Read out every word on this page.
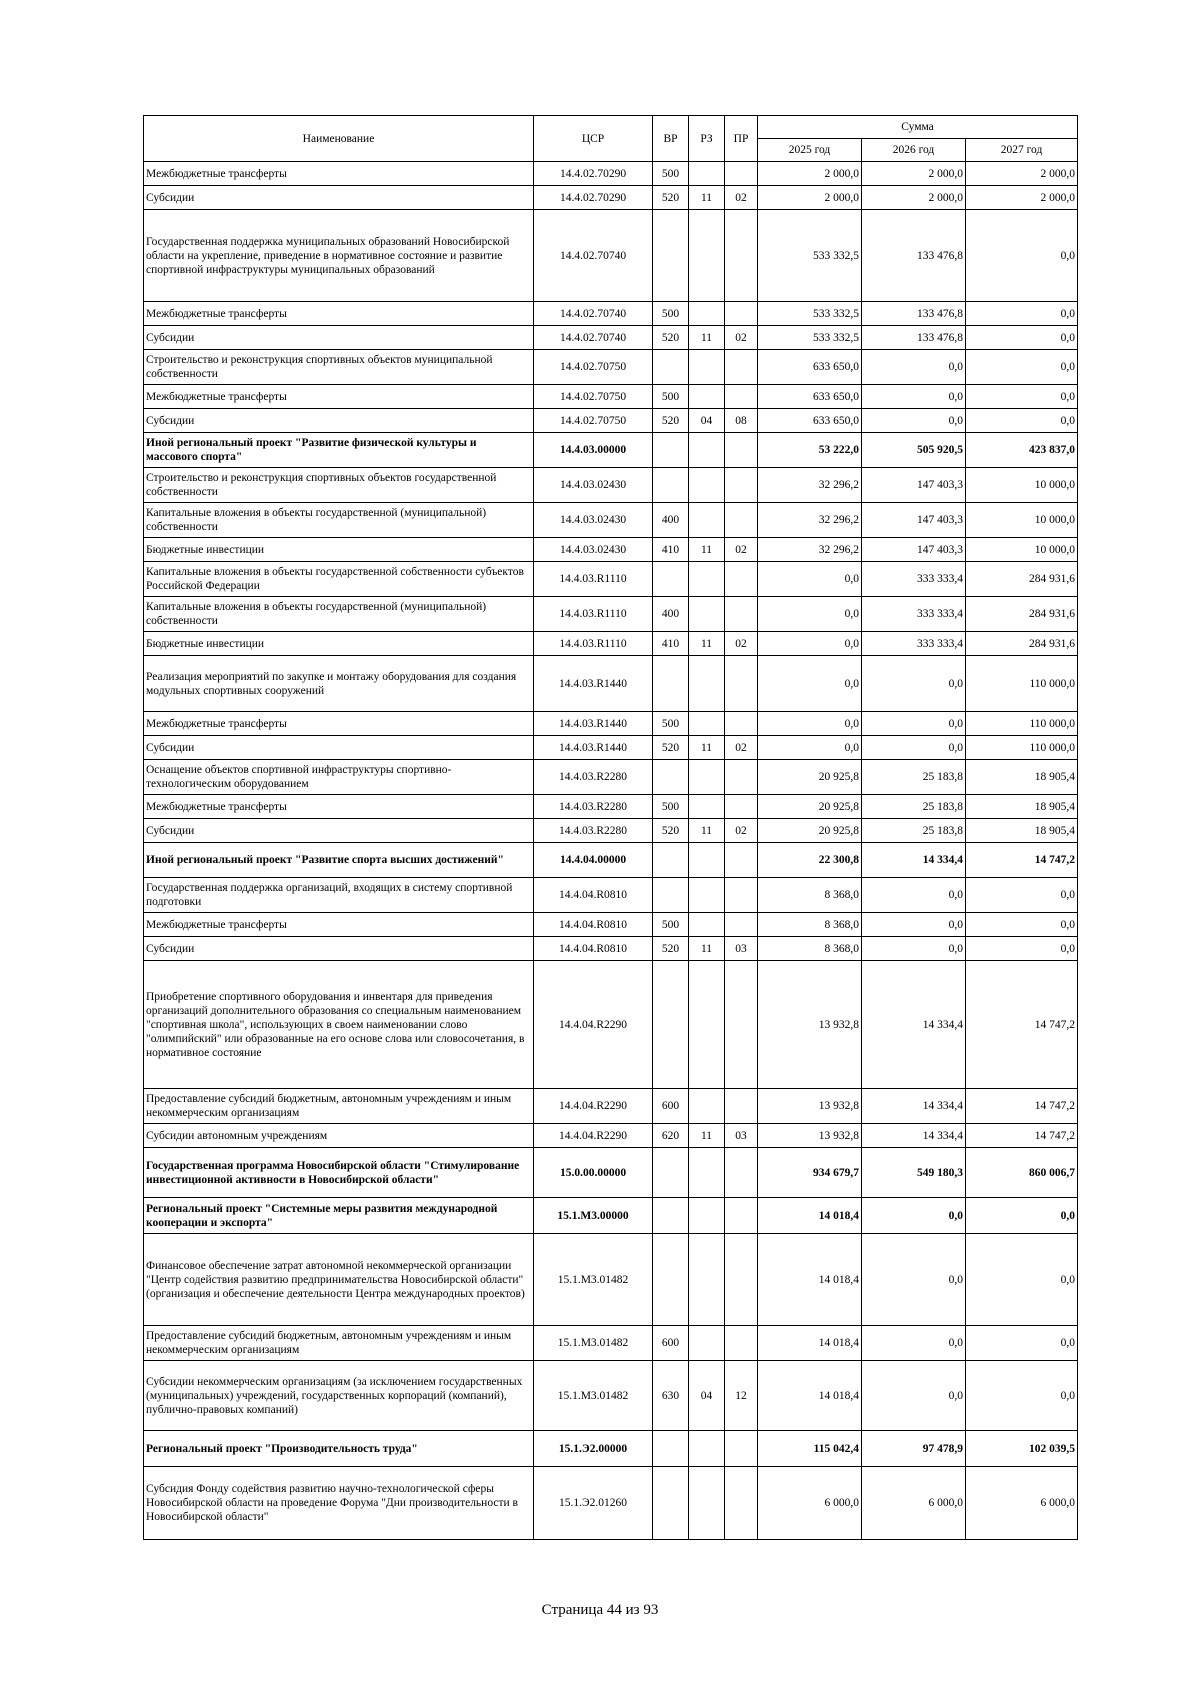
Наименование	ЦСР	ВР	РЗ	ПР	Сумма		
					2025 год	2026 год	2027 год
Межбюджетные трансферты	14.4.02.70290	500			2 000,0	2 000,0	2 000,0
Субсидии	14.4.02.70290	520	11	02	2 000,0	2 000,0	2 000,0
Государственная поддержка муниципальных образований Новосибирской области на укрепление, приведение в нормативное состояние и развитие спортивной инфраструктуры муниципальных образований	14.4.02.70740				533 332,5	133 476,8	0,0
Межбюджетные трансферты	14.4.02.70740	500			533 332,5	133 476,8	0,0
Субсидии	14.4.02.70740	520	11	02	533 332,5	133 476,8	0,0
Строительство и реконструкция спортивных объектов муниципальной собственности	14.4.02.70750				633 650,0	0,0	0,0
Межбюджетные трансферты	14.4.02.70750	500			633 650,0	0,0	0,0
Субсидии	14.4.02.70750	520	04	08	633 650,0	0,0	0,0
Иной региональный проект "Развитие физической культуры и массового спорта"	14.4.03.00000				53 222,0	505 920,5	423 837,0
Строительство и реконструкция спортивных объектов государственной собственности	14.4.03.02430				32 296,2	147 403,3	10 000,0
Капитальные вложения в объекты государственной (муниципальной) собственности	14.4.03.02430	400			32 296,2	147 403,3	10 000,0
Бюджетные инвестиции	14.4.03.02430	410	11	02	32 296,2	147 403,3	10 000,0
Капитальные вложения в объекты государственной собственности субъектов Российской Федерации	14.4.03.R1110				0,0	333 333,4	284 931,6
Капитальные вложения в объекты государственной (муниципальной) собственности	14.4.03.R1110	400			0,0	333 333,4	284 931,6
Бюджетные инвестиции	14.4.03.R1110	410	11	02	0,0	333 333,4	284 931,6
Реализация мероприятий по закупке и монтажу оборудования для создания модульных спортивных сооружений	14.4.03.R1440				0,0	0,0	110 000,0
Межбюджетные трансферты	14.4.03.R1440	500			0,0	0,0	110 000,0
Субсидии	14.4.03.R1440	520	11	02	0,0	0,0	110 000,0
Оснащение объектов спортивной инфраструктуры спортивно-технологическим оборудованием	14.4.03.R2280				20 925,8	25 183,8	18 905,4
Межбюджетные трансферты	14.4.03.R2280	500			20 925,8	25 183,8	18 905,4
Субсидии	14.4.03.R2280	520	11	02	20 925,8	25 183,8	18 905,4
Иной региональный проект "Развитие спорта высших достижений"	14.4.04.00000				22 300,8	14 334,4	14 747,2
Государственная поддержка организаций, входящих в систему спортивной подготовки	14.4.04.R0810				8 368,0	0,0	0,0
Межбюджетные трансферты	14.4.04.R0810	500			8 368,0	0,0	0,0
Субсидии	14.4.04.R0810	520	11	03	8 368,0	0,0	0,0
Приобретение спортивного оборудования и инвентаря для приведения организаций дополнительного образования со специальным наименованием "спортивная школа", использующих в своем наименовании слово "олимпийский" или образованные на его основе слова или словосочетания, в нормативное состояние	14.4.04.R2290				13 932,8	14 334,4	14 747,2
Предоставление субсидий бюджетным, автономным учреждениям и иным некоммерческим организациям	14.4.04.R2290	600			13 932,8	14 334,4	14 747,2
Субсидии автономным учреждениям	14.4.04.R2290	620	11	03	13 932,8	14 334,4	14 747,2
Государственная программа Новосибирской области "Стимулирование инвестиционной активности в Новосибирской области"	15.0.00.00000				934 679,7	549 180,3	860 006,7
Региональный проект "Системные меры развития международной кооперации и экспорта"	15.1.М3.00000				14 018,4	0,0	0,0
Финансовое обеспечение затрат автономной некоммерческой организации "Центр содействия развитию предпринимательства Новосибирской области" (организация и обеспечение деятельности Центра международных проектов)	15.1.М3.01482				14 018,4	0,0	0,0
Предоставление субсидий бюджетным, автономным учреждениям и иным некоммерческим организациям	15.1.М3.01482	600			14 018,4	0,0	0,0
Субсидии некоммерческим организациям (за исключением государственных (муниципальных) учреждений, государственных корпораций (компаний), публично-правовых компаний)	15.1.М3.01482	630	04	12	14 018,4	0,0	0,0
Региональный проект "Производительность труда"	15.1.Э2.00000				115 042,4	97 478,9	102 039,5
Субсидия Фонду содействия развитию научно-технологической сферы Новосибирской области на проведение Форума "Дни производительности в Новосибирской области"	15.1.Э2.01260				6 000,0	6 000,0	6 000,0
Страница 44 из 93
